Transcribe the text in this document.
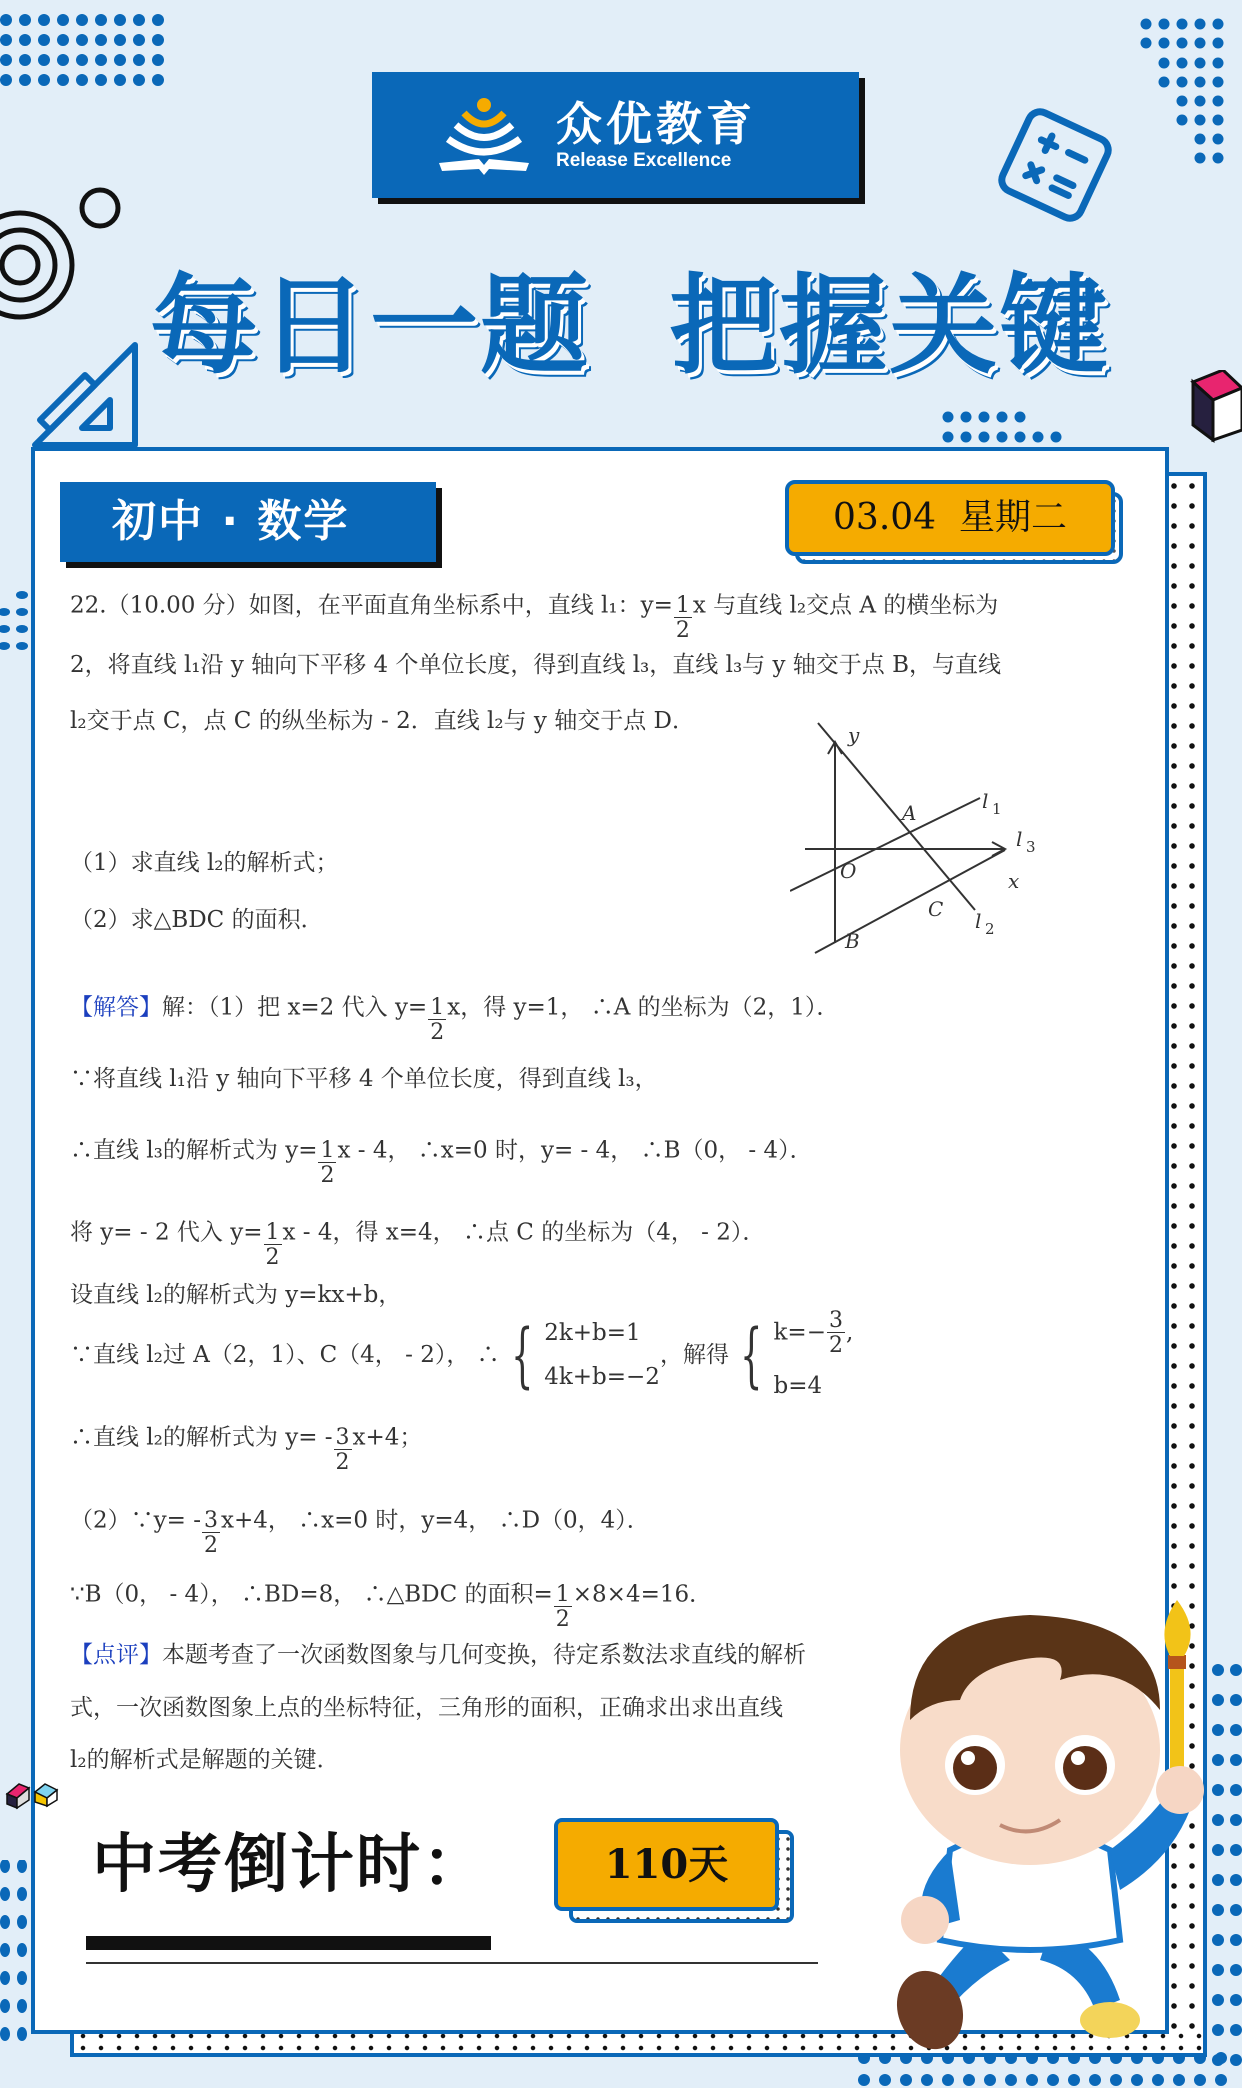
众优教育
Release Excellence
每日一题  把握关键
初中 · 数学	03.04  星期二
22.（10.00 分）如图，在平面直角坐标系中，直线 l₁：$y= \frac{1}{2}$ x 与直线 l₂交点 A 的横坐标为
2，将直线 l₁沿 y 轴向下平移 4 个单位长度，得到直线 l₃，直线 l₃与 y 轴交于点 B，与直线
l₂交于点 C，点 C 的纵坐标为 - 2．直线 l₂与 y 轴交于点 D．
y
x
O
A
B
C
l 1
l 2
l 3
（1）求直线 l₂的解析式；
（2）求△BDC 的面积．
【解答】解：（1）把 x=2 代入 $y= \frac{1}{2}$ x，得 y=1， ∴A 的坐标为（2，1）．
∵将直线 l₁沿 y 轴向下平移 4 个单位长度，得到直线 l₃，
∴直线 l₃的解析式为 $y= \frac{1}{2}$ x - 4， ∴x=0 时，y= - 4， ∴B（0， - 4）．
将 y= - 2 代入 $y= \frac{1}{2}$ x - 4，得 x=4， ∴点 C 的坐标为（4， - 2）．
设直线 l₂的解析式为 y=kx+b，
∵直线 l₂过 A（2，1）、C（4， - 2）， ∴ { 2k+b=1
4k+b=−2
，解得 { $k=- \frac{3}{2}$ ,
b=4
∴直线 l₂的解析式为 $y= - \frac{3}{2} x+4$；
（2）∵y= - $\frac{3}{2} x+4$， ∴x=0 时，y=4， ∴D（0，4）．
∵B（0， - 4）， ∴BD=8， ∴△BDC 的面积= $\frac{1}{2} \times 8\times 4=16$．
【点评】本题考查了一次函数图象与几何变换，待定系数法求直线的解析
式，一次函数图象上点的坐标特征，三角形的面积，正确求出求出直线
l₂的解析式是解题的关键．
中考倒计时：	110天
